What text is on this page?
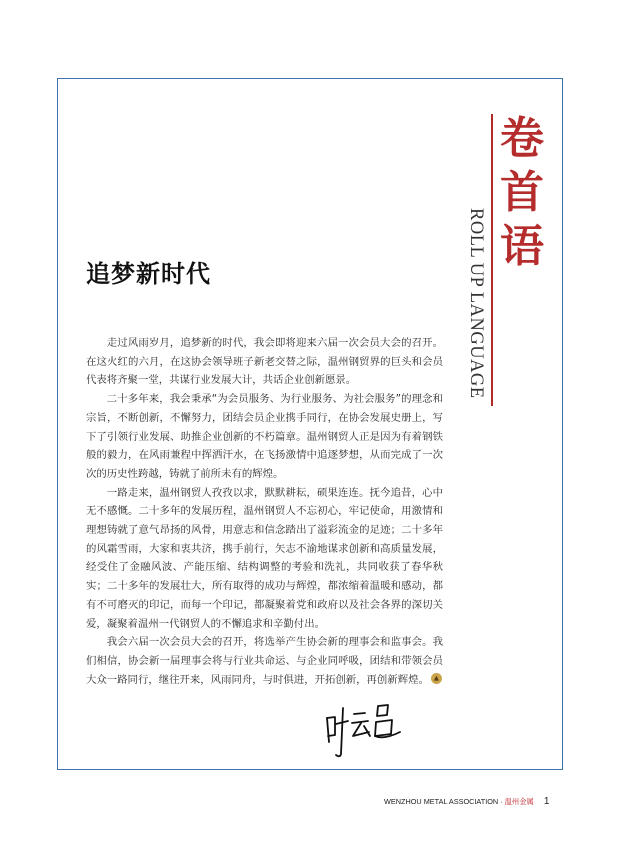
卷
首
语
ROLL UP LANGUAGE
追梦新时代

走过风雨岁月，追梦新的时代，我会即将迎来六届一次会员大会的召开。在这火红的六月，在这协会领导班子新老交替之际，温州钢贸界的巨头和会员代表将齐聚一堂，共谋行业发展大计，共话企业创新愿景。

二十多年来，我会秉承“为会员服务、为行业服务、为社会服务”的理念和宗旨，不断创新，不懈努力，团结会员企业携手同行，在协会发展史册上，写下了引领行业发展、助推企业创新的不朽篇章。温州钢贸人正是因为有着钢铁般的毅力，在风雨兼程中挥洒汗水，在飞扬激情中追逐梦想，从而完成了一次次的历史性跨越，铸就了前所未有的辉煌。

一路走来，温州钢贸人孜孜以求，默默耕耘，硕果连连。抚今追昔，心中无不感慨。二十多年的发展历程，温州钢贸人不忘初心，牢记使命，用激情和理想铸就了意气昂扬的风骨，用意志和信念踏出了溢彩流金的足迹；二十多年的风霜雪雨，大家和衷共济，携手前行，矢志不渝地谋求创新和高质量发展，经受住了金融风波、产能压缩、结构调整的考验和洗礼，共同收获了春华秋实；二十多年的发展壮大，所有取得的成功与辉煌，都浓缩着温暖和感动，都有不可磨灭的印记，而每一个印记，都凝聚着党和政府以及社会各界的深切关爱，凝聚着温州一代钢贸人的不懈追求和辛勤付出。

我会六届一次会员大会的召开，将选举产生协会新的理事会和监事会。我们相信，协会新一届理事会将与行业共命运、与企业同呼吸，团结和带领会员大众一路同行，继往开来，风雨同舟，与时俱进，开拓创新，再创新辉煌。

WENZHOU METAL ASSOCIATION · 温州金属 1
